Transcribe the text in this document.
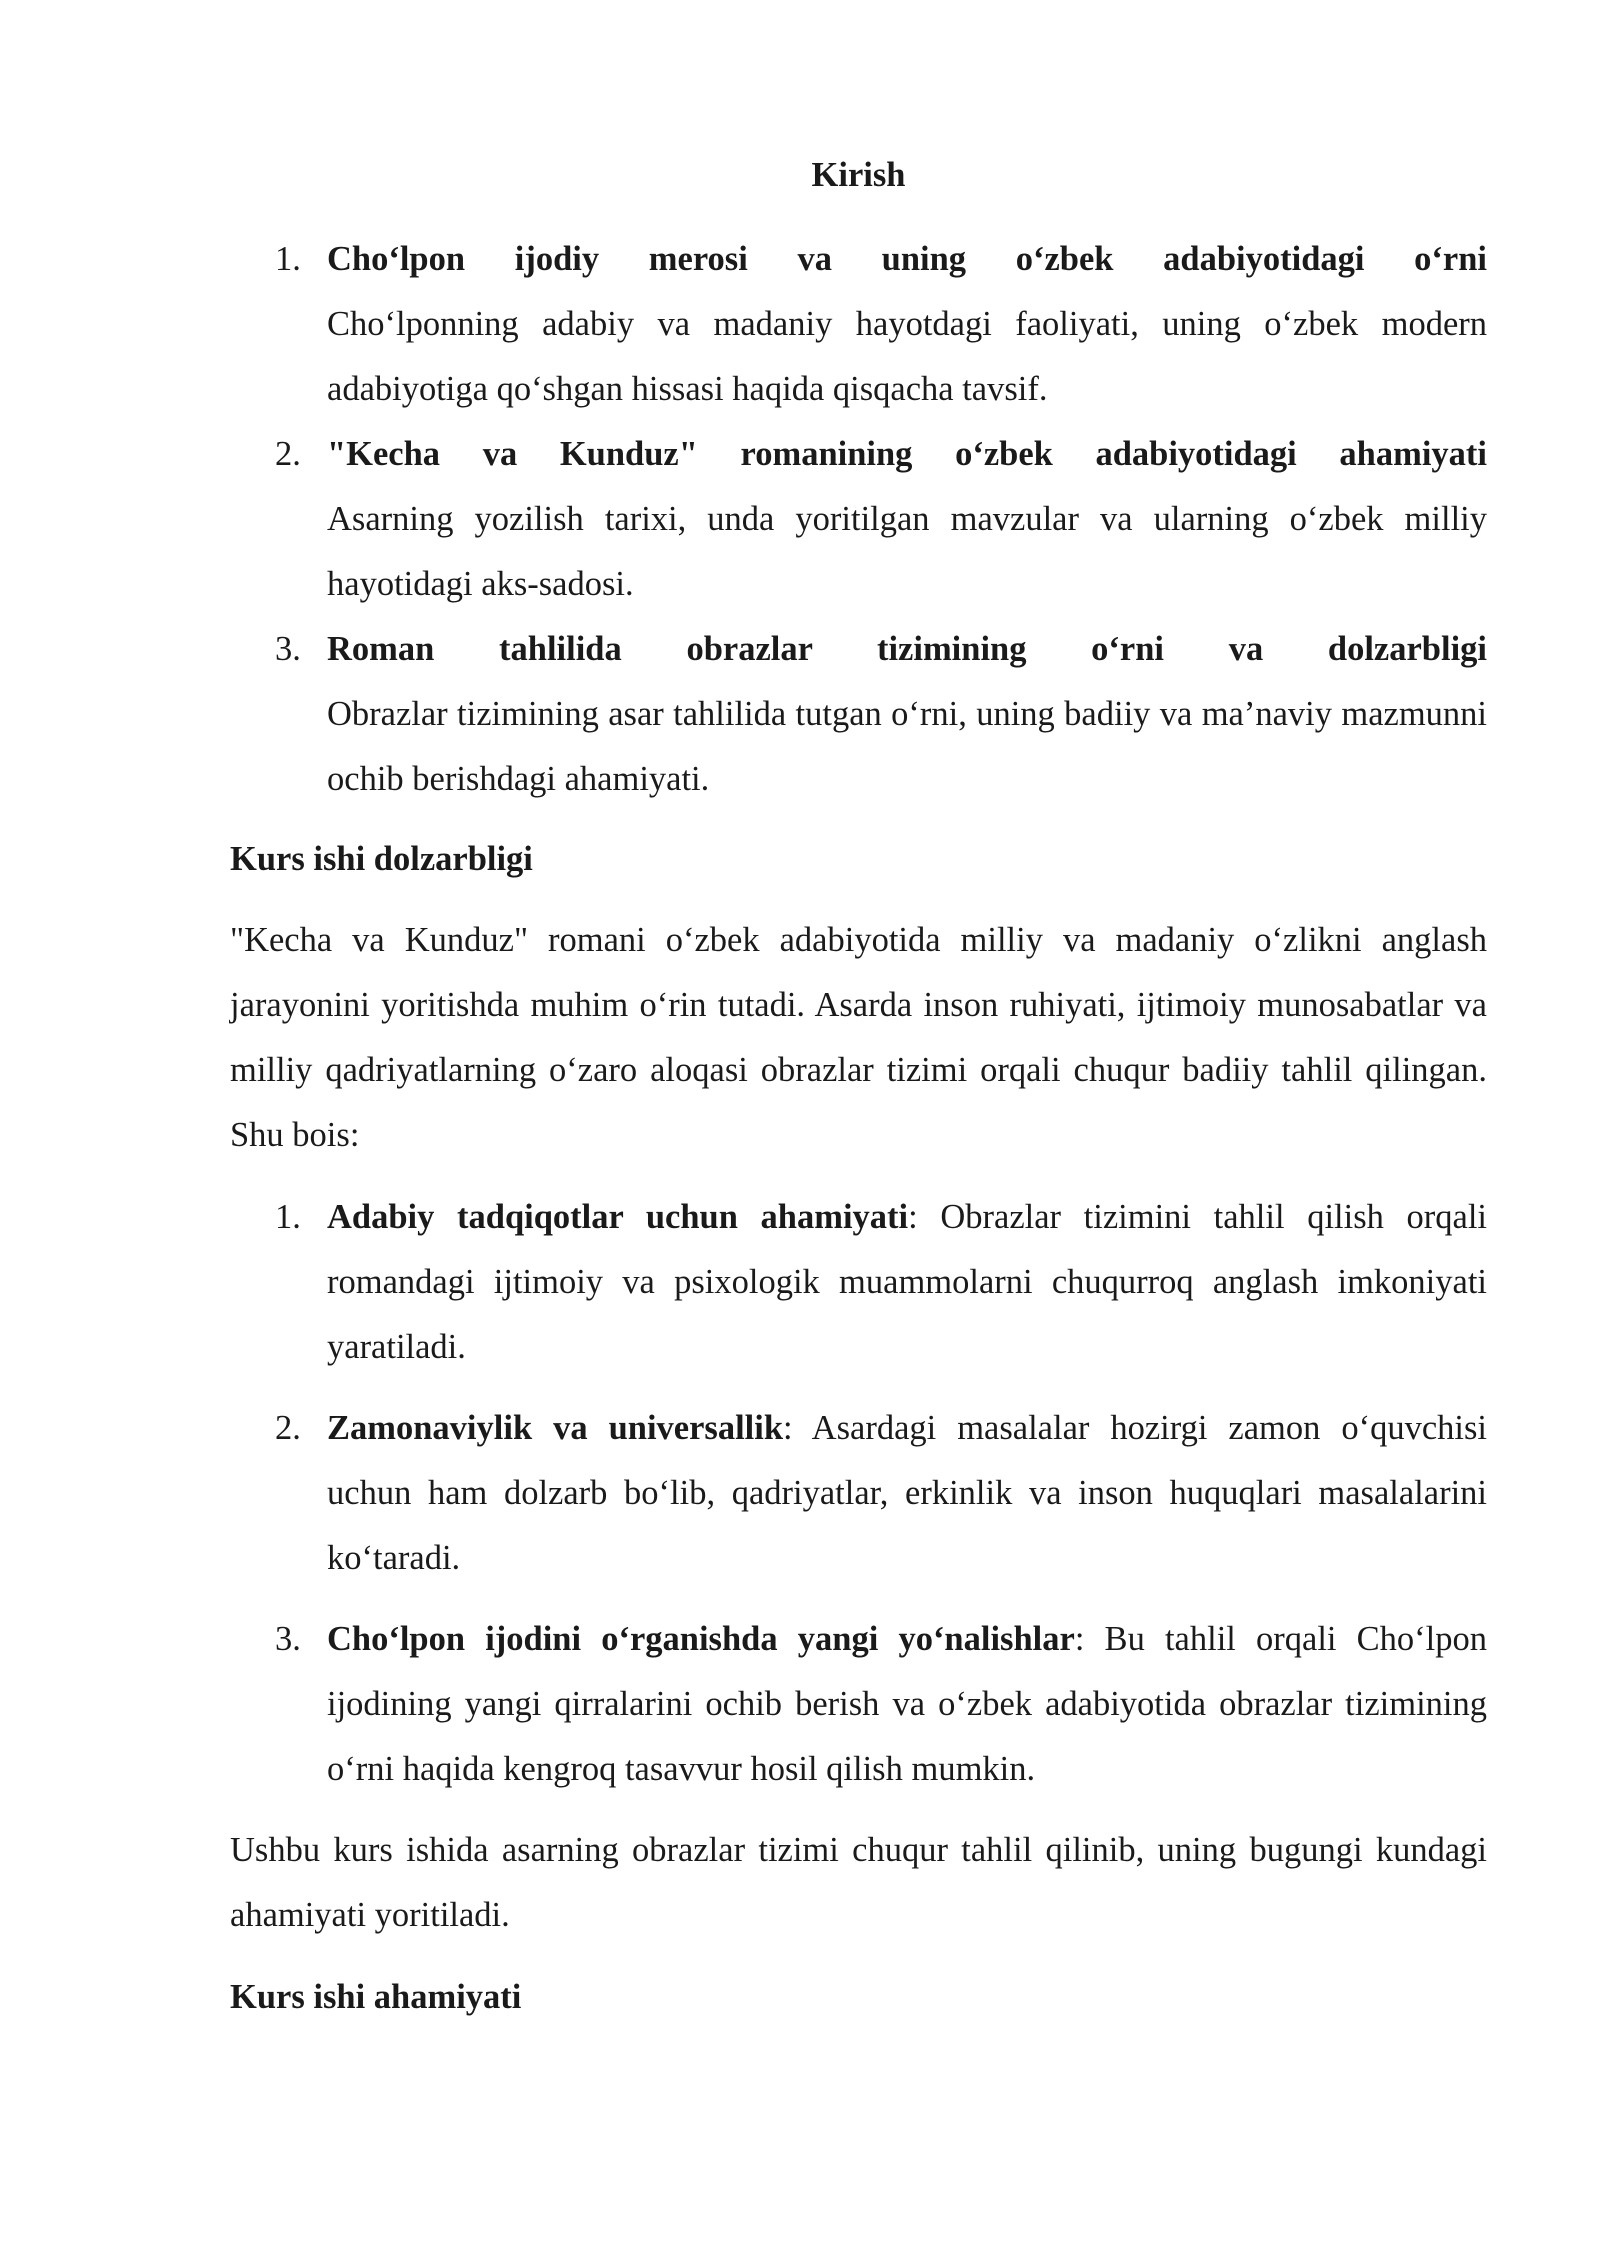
Kirish
1. Cho‘lpon ijodiy merosi va uning o‘zbek adabiyotidagi o‘rni
Cho‘lponning adabiy va madaniy hayotdagi faoliyati, uning o‘zbek modern adabiyotiga qo‘shgan hissasi haqida qisqacha tavsif.
2. "Kecha va Kunduz" romanining o‘zbek adabiyotidagi ahamiyati
Asarning yozilish tarixi, unda yoritilgan mavzular va ularning o‘zbek milliy hayotidagi aks-sadosi.
3. Roman tahlilida obrazlar tizimining o‘rni va dolzarbligi
Obrazlar tizimining asar tahlilida tutgan o‘rni, uning badiiy va ma’naviy mazmunni ochib berishdagi ahamiyati.
Kurs ishi dolzarbligi

"Kecha va Kunduz" romani o‘zbek adabiyotida milliy va madaniy o‘zlikni anglash jarayonini yoritishda muhim o‘rin tutadi. Asarda inson ruhiyati, ijtimoiy munosabatlar va milliy qadriyatlarning o‘zaro aloqasi obrazlar tizimi orqali chuqur badiiy tahlil qilingan. Shu bois:

1. Adabiy tadqiqotlar uchun ahamiyati: Obrazlar tizimini tahlil qilish orqali romandagi ijtimoiy va psixologik muammolarni chuqurroq anglash imkoniyati yaratiladi.
2. Zamonaviylik va universallik: Asardagi masalalar hozirgi zamon o‘quvchisi uchun ham dolzarb bo‘lib, qadriyatlar, erkinlik va inson huquqlari masalalarini ko‘taradi.
3. Cho‘lpon ijodini o‘rganishda yangi yo‘nalishlar: Bu tahlil orqali Cho‘lpon ijodining yangi qirralarini ochib berish va o‘zbek adabiyotida obrazlar tizimining o‘rni haqida kengroq tasavvur hosil qilish mumkin.

Ushbu kurs ishida asarning obrazlar tizimi chuqur tahlil qilinib, uning bugungi kundagi ahamiyati yoritiladi.

Kurs ishi ahamiyati
